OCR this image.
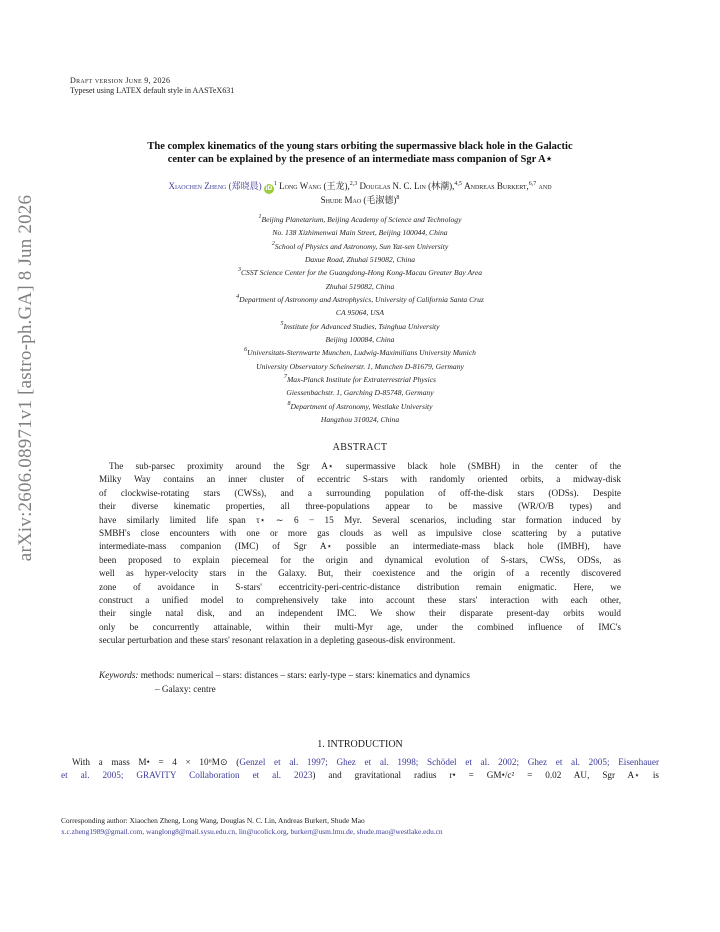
arXiv:2606.08971v1 [astro-ph.GA] 8 Jun 2026
Draft version June 9, 2026
Typeset using LATEX default style in AASTeX631
The complex kinematics of the young stars orbiting the supermassive black hole in the Galactic
center can be explained by the presence of an intermediate mass companion of Sgr A⋆
Xiaochen Zheng (郑晓晨) $iD^1$ Long Wang (王龙),$^{2,3}$ Douglas N. C. Lin (林潮),$^{4,5}$ Andreas Burkert,$^{6,7}$ and
Shude Mao (毛淑德)$^8$
$^1$Beijing Planetarium, Beijing Academy of Science and Technology
No. 138 Xizhimenwai Main Street, Beijing 100044, China
$^2$School of Physics and Astronomy, Sun Yat-sen University
Daxue Road, Zhuhai 519082, China
$^3$CSST Science Center for the Guangdong-Hong Kong-Macau Greater Bay Area
Zhuhai 519082, China
$^4$Department of Astronomy and Astrophysics, University of California Santa Cruz
CA 95064, USA
$^5$Institute for Advanced Studies, Tsinghua University
Beijing 100084, China
$^6$Universitats-Sternwarte Munchen, Ludwig-Maximilians University Munich
University Observatory Scheinerstr. 1, Munchen D-81679, Germany
$^7$Max-Planck Institute for Extraterrestrial Physics
Giessenbachstr. 1, Garching D-85748, Germany
$^8$Department of Astronomy, Westlake University
Hangzhou 310024, China
ABSTRACT
The sub-parsec proximity around the Sgr A⋆ supermassive black hole (SMBH) in the center of the
Milky Way contains an inner cluster of eccentric S-stars with randomly oriented orbits, a midway-disk
of clockwise-rotating stars (CWSs), and a surrounding population of off-the-disk stars (ODSs). Despite
their diverse kinematic properties, all three-populations appear to be massive (WR/O/B types) and
have similarly limited life span τ⋆ ∼ 6 − 15 Myr. Several scenarios, including star formation induced by
SMBH's close encounters with one or more gas clouds as well as impulsive close scattering by a putative
intermediate-mass companion (IMC) of Sgr A⋆ possible an intermediate-mass black hole (IMBH), have
been proposed to explain piecemeal for the origin and dynamical evolution of S-stars, CWSs, ODSs, as
well as hyper-velocity stars in the Galaxy. But, their coexistence and the origin of a recently discovered
zone of avoidance in S-stars' eccentricity-peri-centric-distance distribution remain enigmatic. Here, we
construct a unified model to comprehensively take into account these stars' interaction with each other,
their single natal disk, and an independent IMC. We show their disparate present-day orbits would
only be concurrently attainable, within their multi-Myr age, under the combined influence of IMC's
secular perturbation and these stars' resonant relaxation in a depleting gaseous-disk environment.
Keywords: methods: numerical – stars: distances – stars: early-type – stars: kinematics and dynamics
– Galaxy: centre
1. INTRODUCTION
With a mass M• = 4 × 10⁶M⊙ (Genzel et al. 1997; Ghez et al. 1998; Schödel et al. 2002; Ghez et al. 2005; Eisenhauer
et al. 2005; GRAVITY Collaboration et al. 2023) and gravitational radius r• = GM•/c² = 0.02 AU, Sgr A⋆ is
Corresponding author: Xiaochen Zheng, Long Wang, Douglas N. C. Lin, Andreas Burkert, Shude Mao
x.c.zheng1989@gmail.com, wanglong8@mail.sysu.edu.cn, lin@ucolick.org, burkert@usm.lmu.de, shude.mao@westlake.edu.cn
